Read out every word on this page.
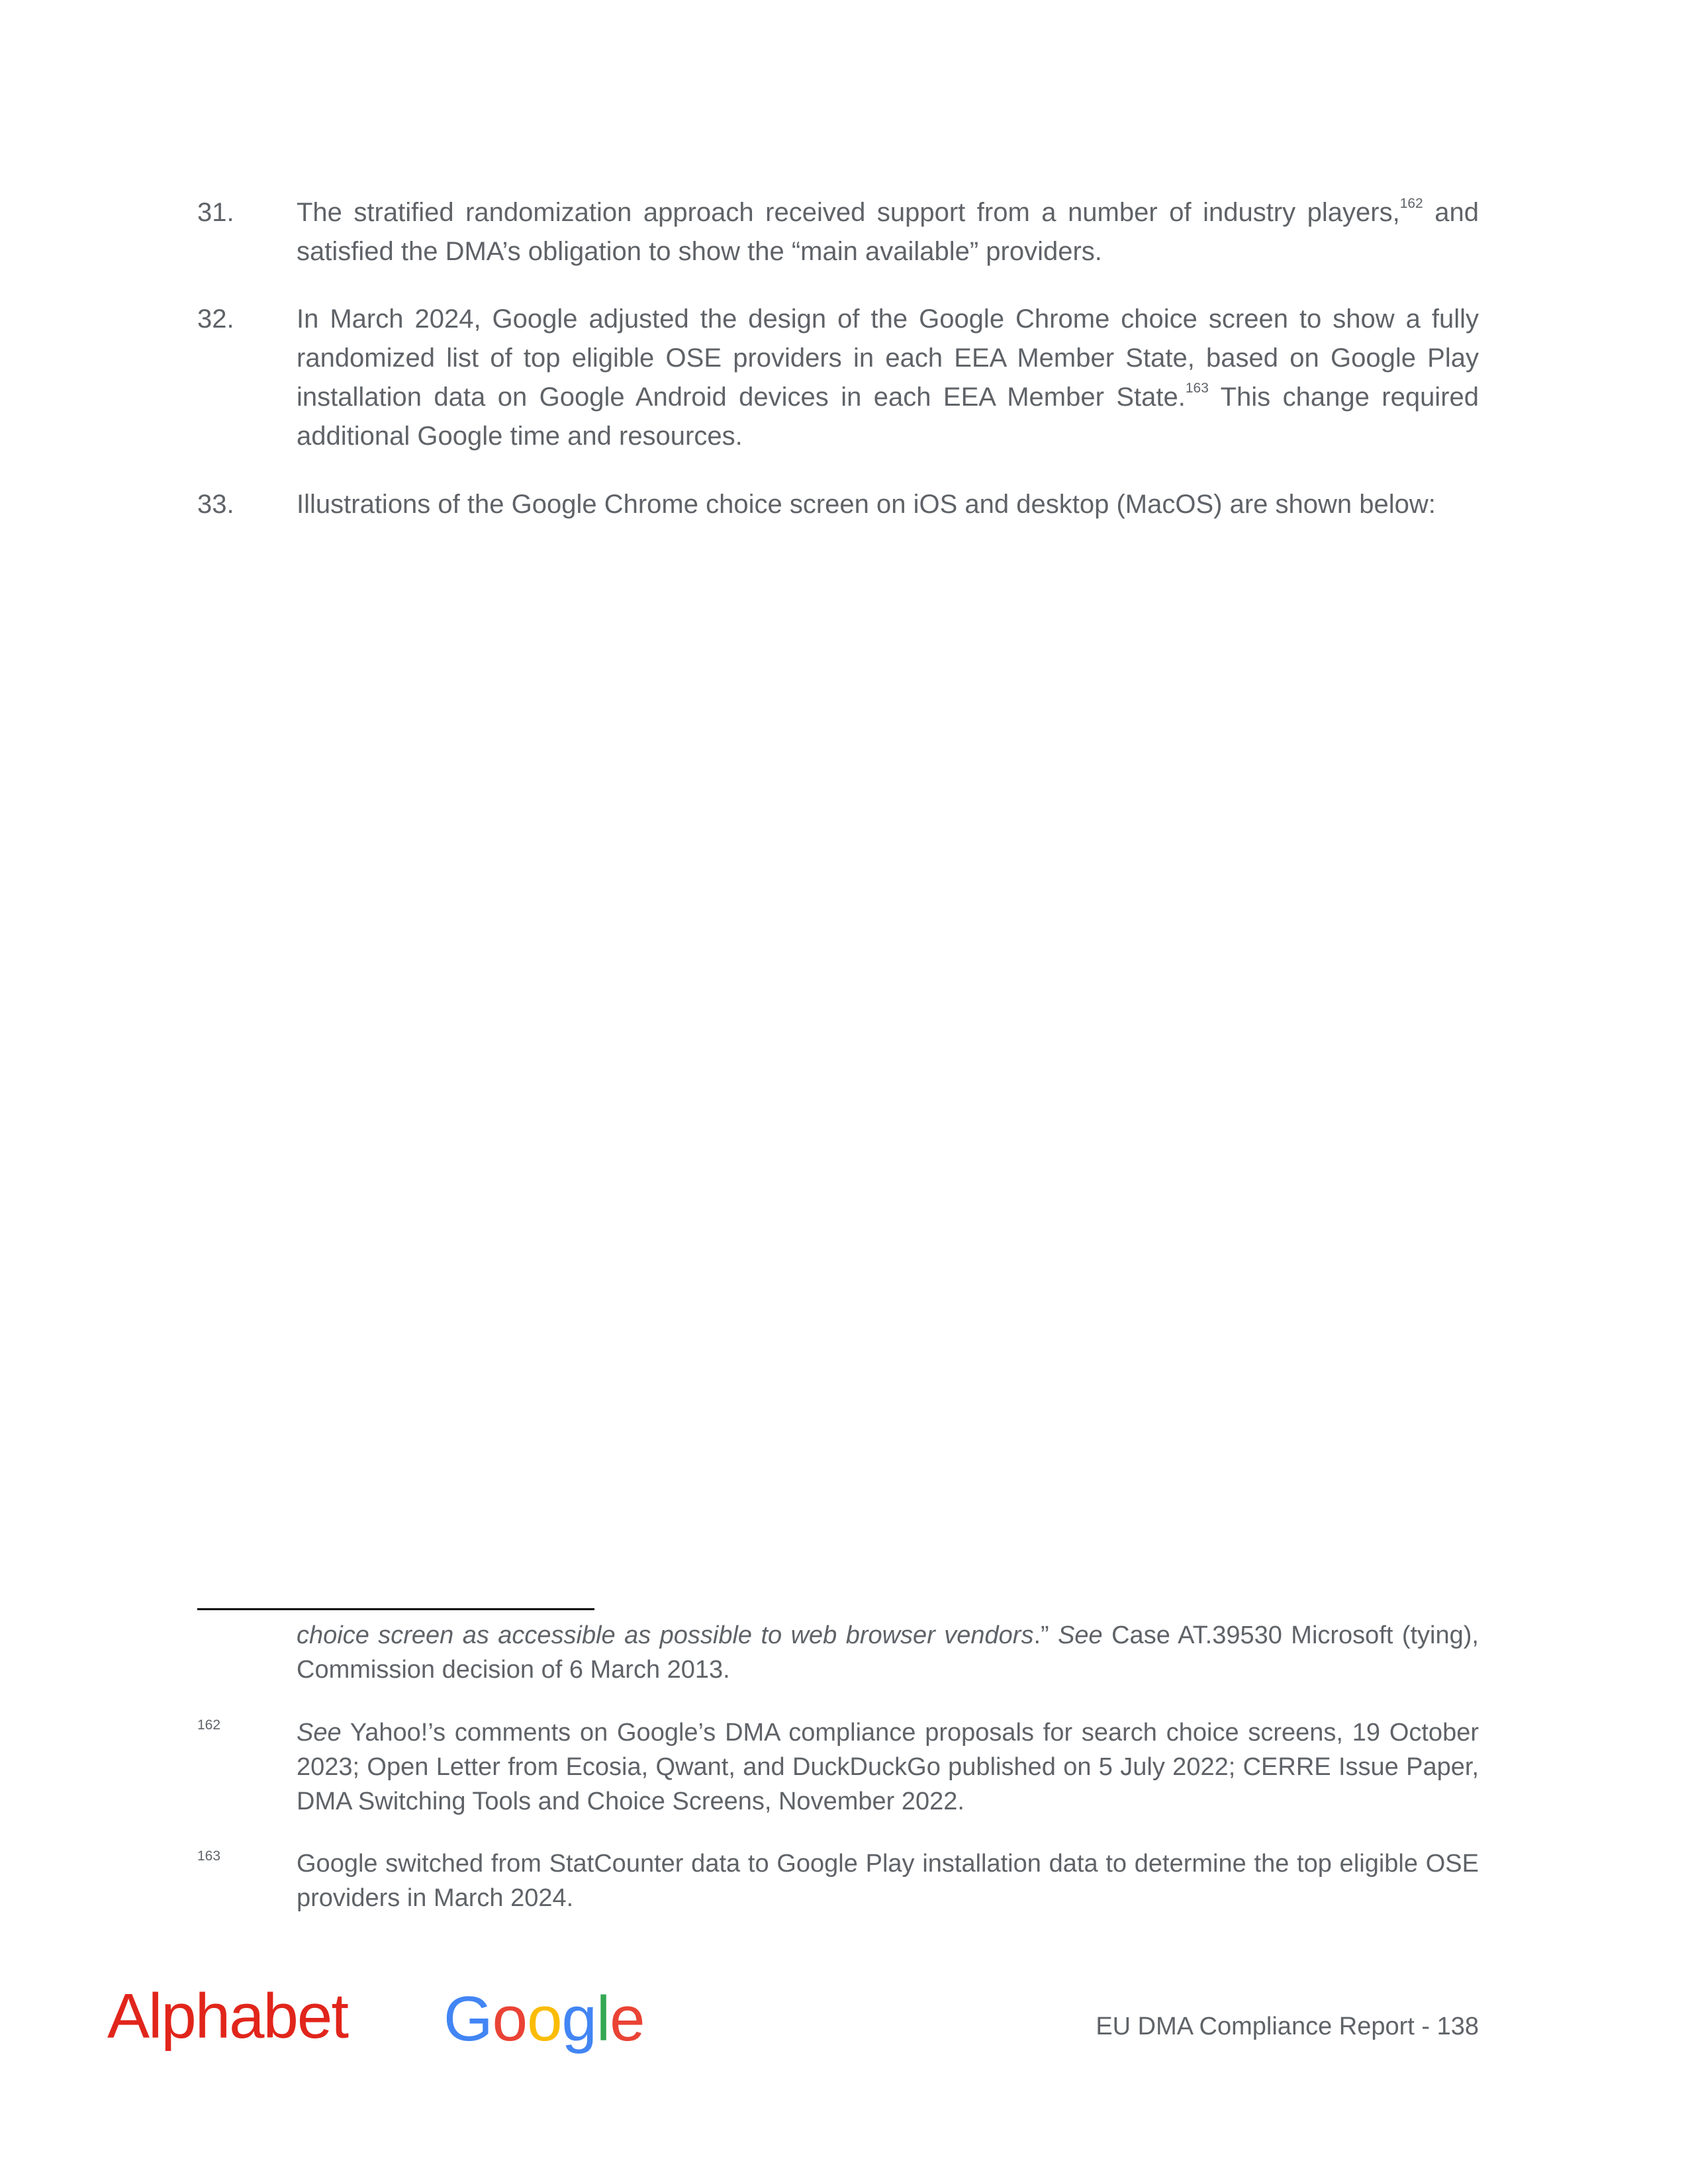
31. The stratified randomization approach received support from a number of industry players,$^{162}$ and satisfied the DMA’s obligation to show the “main available” providers.
32. In March 2024, Google adjusted the design of the Google Chrome choice screen to show a fully randomized list of top eligible OSE providers in each EEA Member State, based on Google Play installation data on Google Android devices in each EEA Member State.$^{163}$ This change required additional Google time and resources.
33. Illustrations of the Google Chrome choice screen on iOS and desktop (MacOS) are shown below:
choice screen as accessible as possible to web browser vendors.” See Case AT.39530 Microsoft (tying), Commission decision of 6 March 2013.
162	See Yahoo!’s comments on Google’s DMA compliance proposals for search choice screens, 19 October 2023; Open Letter from Ecosia, Qwant, and DuckDuckGo published on 5 July 2022; CERRE Issue Paper, DMA Switching Tools and Choice Screens, November 2022.
163	Google switched from StatCounter data to Google Play installation data to determine the top eligible OSE providers in March 2024.
Alphabet Google	EU DMA Compliance Report - 138
